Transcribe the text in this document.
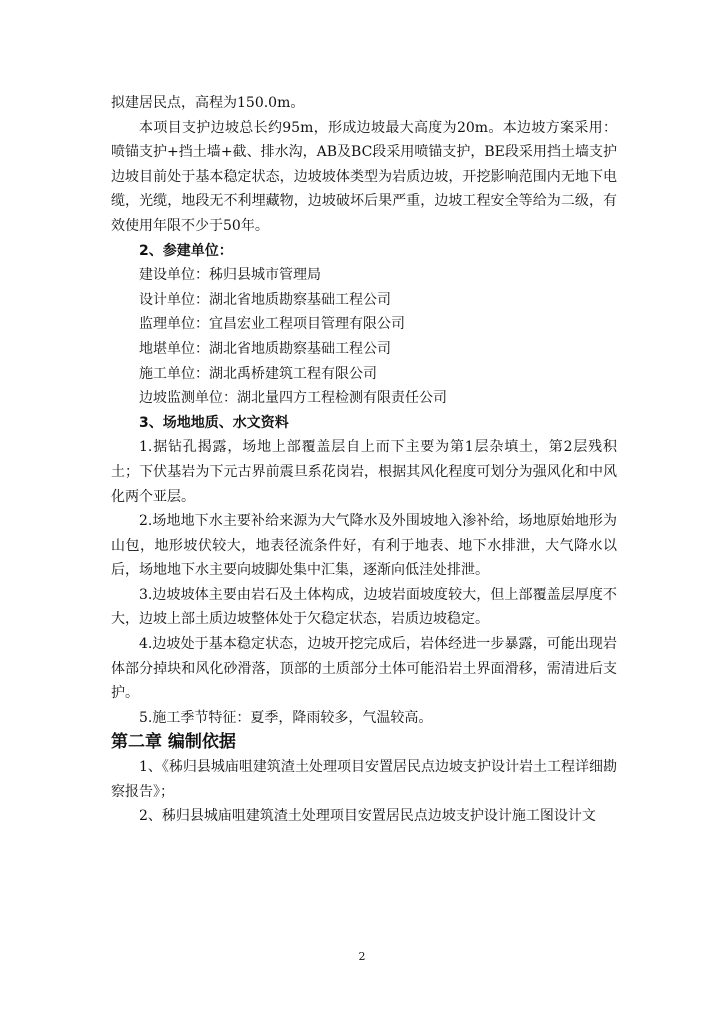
拟建居民点，高程为150.0m。

本项目支护边坡总长约95m，形成边坡最大高度为20m。本边坡方案采用：喷锚支护+挡土墙+截、排水沟，AB及BC段采用喷锚支护，BE段采用挡土墙支护边坡目前处于基本稳定状态，边坡坡体类型为岩质边坡，开挖影响范围内无地下电缆，光缆，地段无不利埋藏物，边坡破坏后果严重，边坡工程安全等给为二级，有效使用年限不少于50年。

2、参建单位：

建设单位：秭归县城市管理局

设计单位：湖北省地质勘察基础工程公司

监理单位：宜昌宏业工程项目管理有限公司

地堪单位：湖北省地质勘察基础工程公司

施工单位：湖北禹桥建筑工程有限公司

边坡监测单位：湖北量四方工程检测有限责任公司

3、场地地质、水文资料

1.据钻孔揭露，场地上部覆盖层自上而下主要为第1层杂填土，第2层残积土；下伏基岩为下元古界前震旦系花岗岩，根据其风化程度可划分为强风化和中风化两个亚层。

2.场地地下水主要补给来源为大气降水及外围坡地入渗补给，场地原始地形为山包，地形坡伏较大，地表径流条件好，有利于地表、地下水排泄，大气降水以后，场地地下水主要向坡脚处集中汇集，逐渐向低洼处排泄。

3.边坡坡体主要由岩石及土体构成，边坡岩面坡度较大，但上部覆盖层厚度不大，边坡上部土质边坡整体处于欠稳定状态，岩质边坡稳定。

4.边坡处于基本稳定状态，边坡开挖完成后，岩体经进一步暴露，可能出现岩体部分掉块和风化砂滑落，顶部的土质部分土体可能沿岩土界面滑移，需清进后支护。

5.施工季节特征：夏季，降雨较多，气温较高。

第二章 编制依据

1、《秭归县城庙咀建筑渣土处理项目安置居民点边坡支护设计岩土工程详细勘察报告》；

2、秭归县城庙咀建筑渣土处理项目安置居民点边坡支护设计施工图设计文

2
